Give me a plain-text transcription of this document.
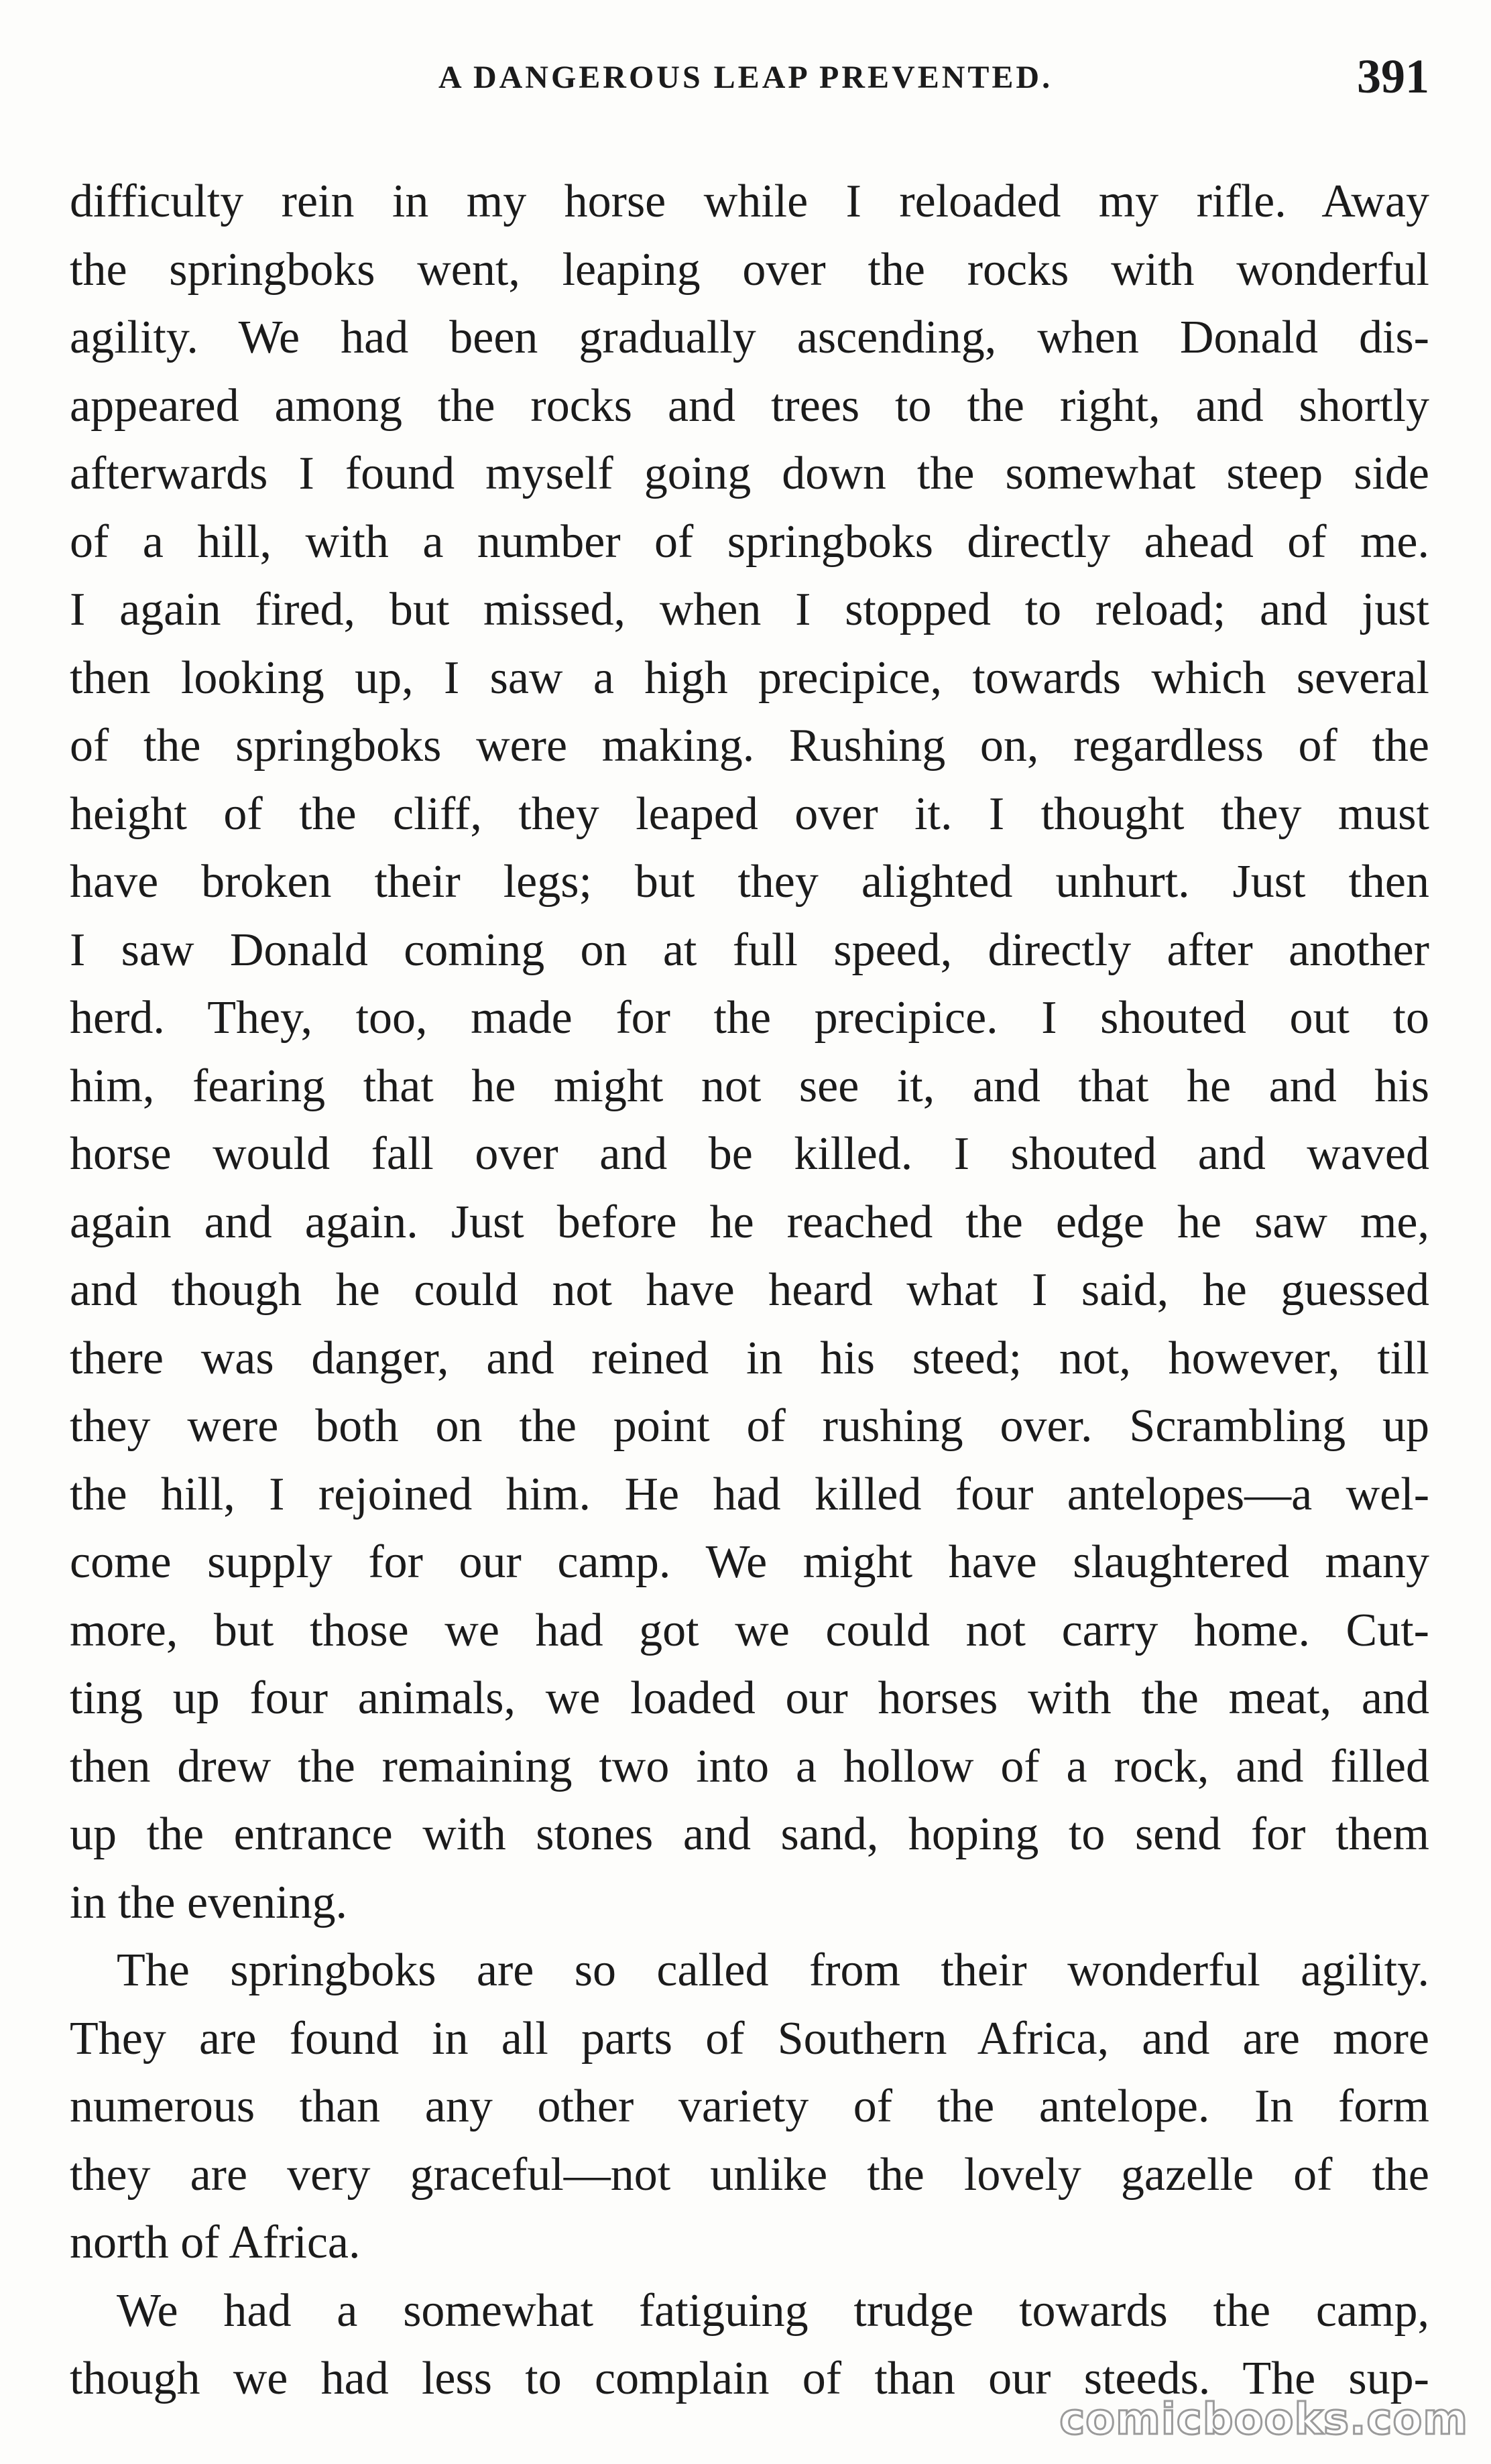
A DANGEROUS LEAP PREVENTED.	391
difficulty rein in my horse while I reloaded my rifle. Away
the springboks went, leaping over the rocks with wonderful
agility. We had been gradually ascending, when Donald dis-
appeared among the rocks and trees to the right, and shortly
afterwards I found myself going down the somewhat steep side
of a hill, with a number of springboks directly ahead of me.
I again fired, but missed, when I stopped to reload; and just
then looking up, I saw a high precipice, towards which several
of the springboks were making. Rushing on, regardless of the
height of the cliff, they leaped over it. I thought they must
have broken their legs; but they alighted unhurt. Just then
I saw Donald coming on at full speed, directly after another
herd. They, too, made for the precipice. I shouted out to
him, fearing that he might not see it, and that he and his
horse would fall over and be killed. I shouted and waved
again and again. Just before he reached the edge he saw me,
and though he could not have heard what I said, he guessed
there was danger, and reined in his steed; not, however, till
they were both on the point of rushing over. Scrambling up
the hill, I rejoined him. He had killed four antelopes—a wel-
come supply for our camp. We might have slaughtered many
more, but those we had got we could not carry home. Cut-
ting up four animals, we loaded our horses with the meat, and
then drew the remaining two into a hollow of a rock, and filled
up the entrance with stones and sand, hoping to send for them
in the evening.
The springboks are so called from their wonderful agility.
They are found in all parts of Southern Africa, and are more
numerous than any other variety of the antelope. In form
they are very graceful—not unlike the lovely gazelle of the
north of Africa.
We had a somewhat fatiguing trudge towards the camp,
though we had less to complain of than our steeds. The sup-
comicbooks.com
